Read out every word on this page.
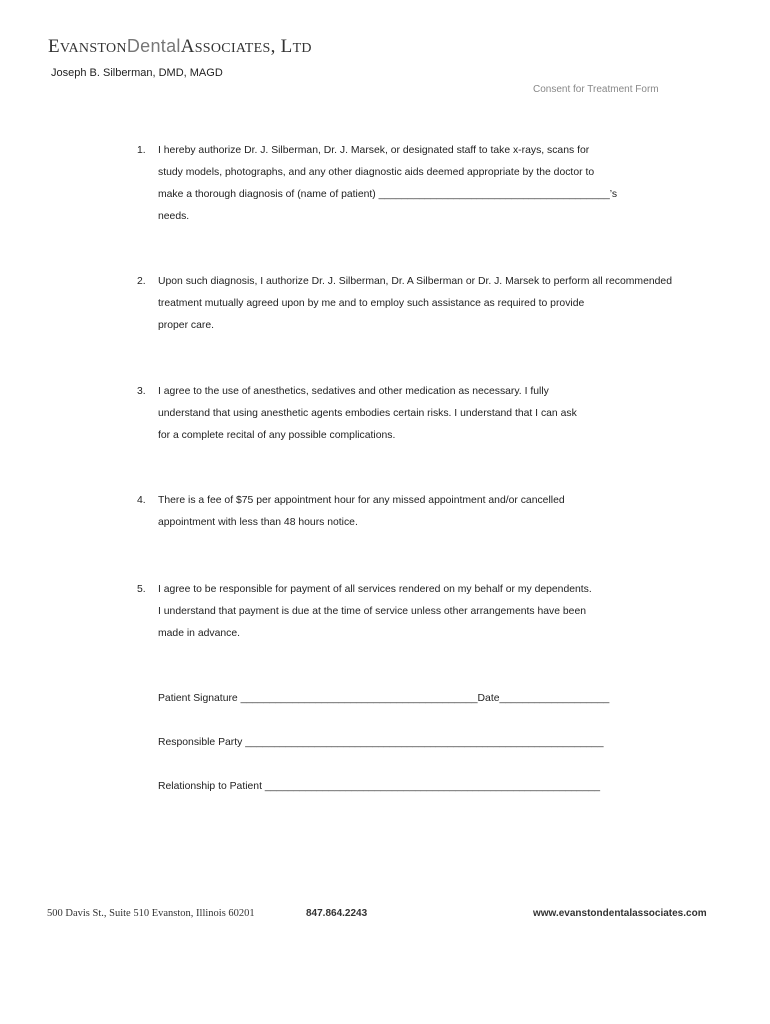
EVANSTONDentalASSOCIATES, LTD
Joseph B. Silberman, DMD, MAGD
Consent for Treatment Form
1. I hereby authorize Dr. J. Silberman, Dr. J. Marsek, or designated staff to take x-rays, scans for
study models, photographs, and any other diagnostic aids deemed appropriate by the doctor to
make a thorough diagnosis of (name of patient) ________________________________________’s
needs.
2. Upon such diagnosis, I authorize Dr. J. Silberman, Dr. A Silberman or Dr. J. Marsek to perform all recommended
treatment mutually agreed upon by me and to employ such assistance as required to provide
proper care.
3. I agree to the use of anesthetics, sedatives and other medication as necessary. I fully
understand that using anesthetic agents embodies certain risks. I understand that I can ask
for a complete recital of any possible complications.
4. There is a fee of $75 per appointment hour for any missed appointment and/or cancelled
appointment with less than 48 hours notice.
5. I agree to be responsible for payment of all services rendered on my behalf or my dependents.
I understand that payment is due at the time of service unless other arrangements have been
made in advance.
Patient Signature _________________________________________Date___________________
Responsible Party ______________________________________________________________
Relationship to Patient __________________________________________________________
500 Davis St., Suite 510 Evanston, Illinois 60201	847.864.2243	www.evanstondentalassociates.com
